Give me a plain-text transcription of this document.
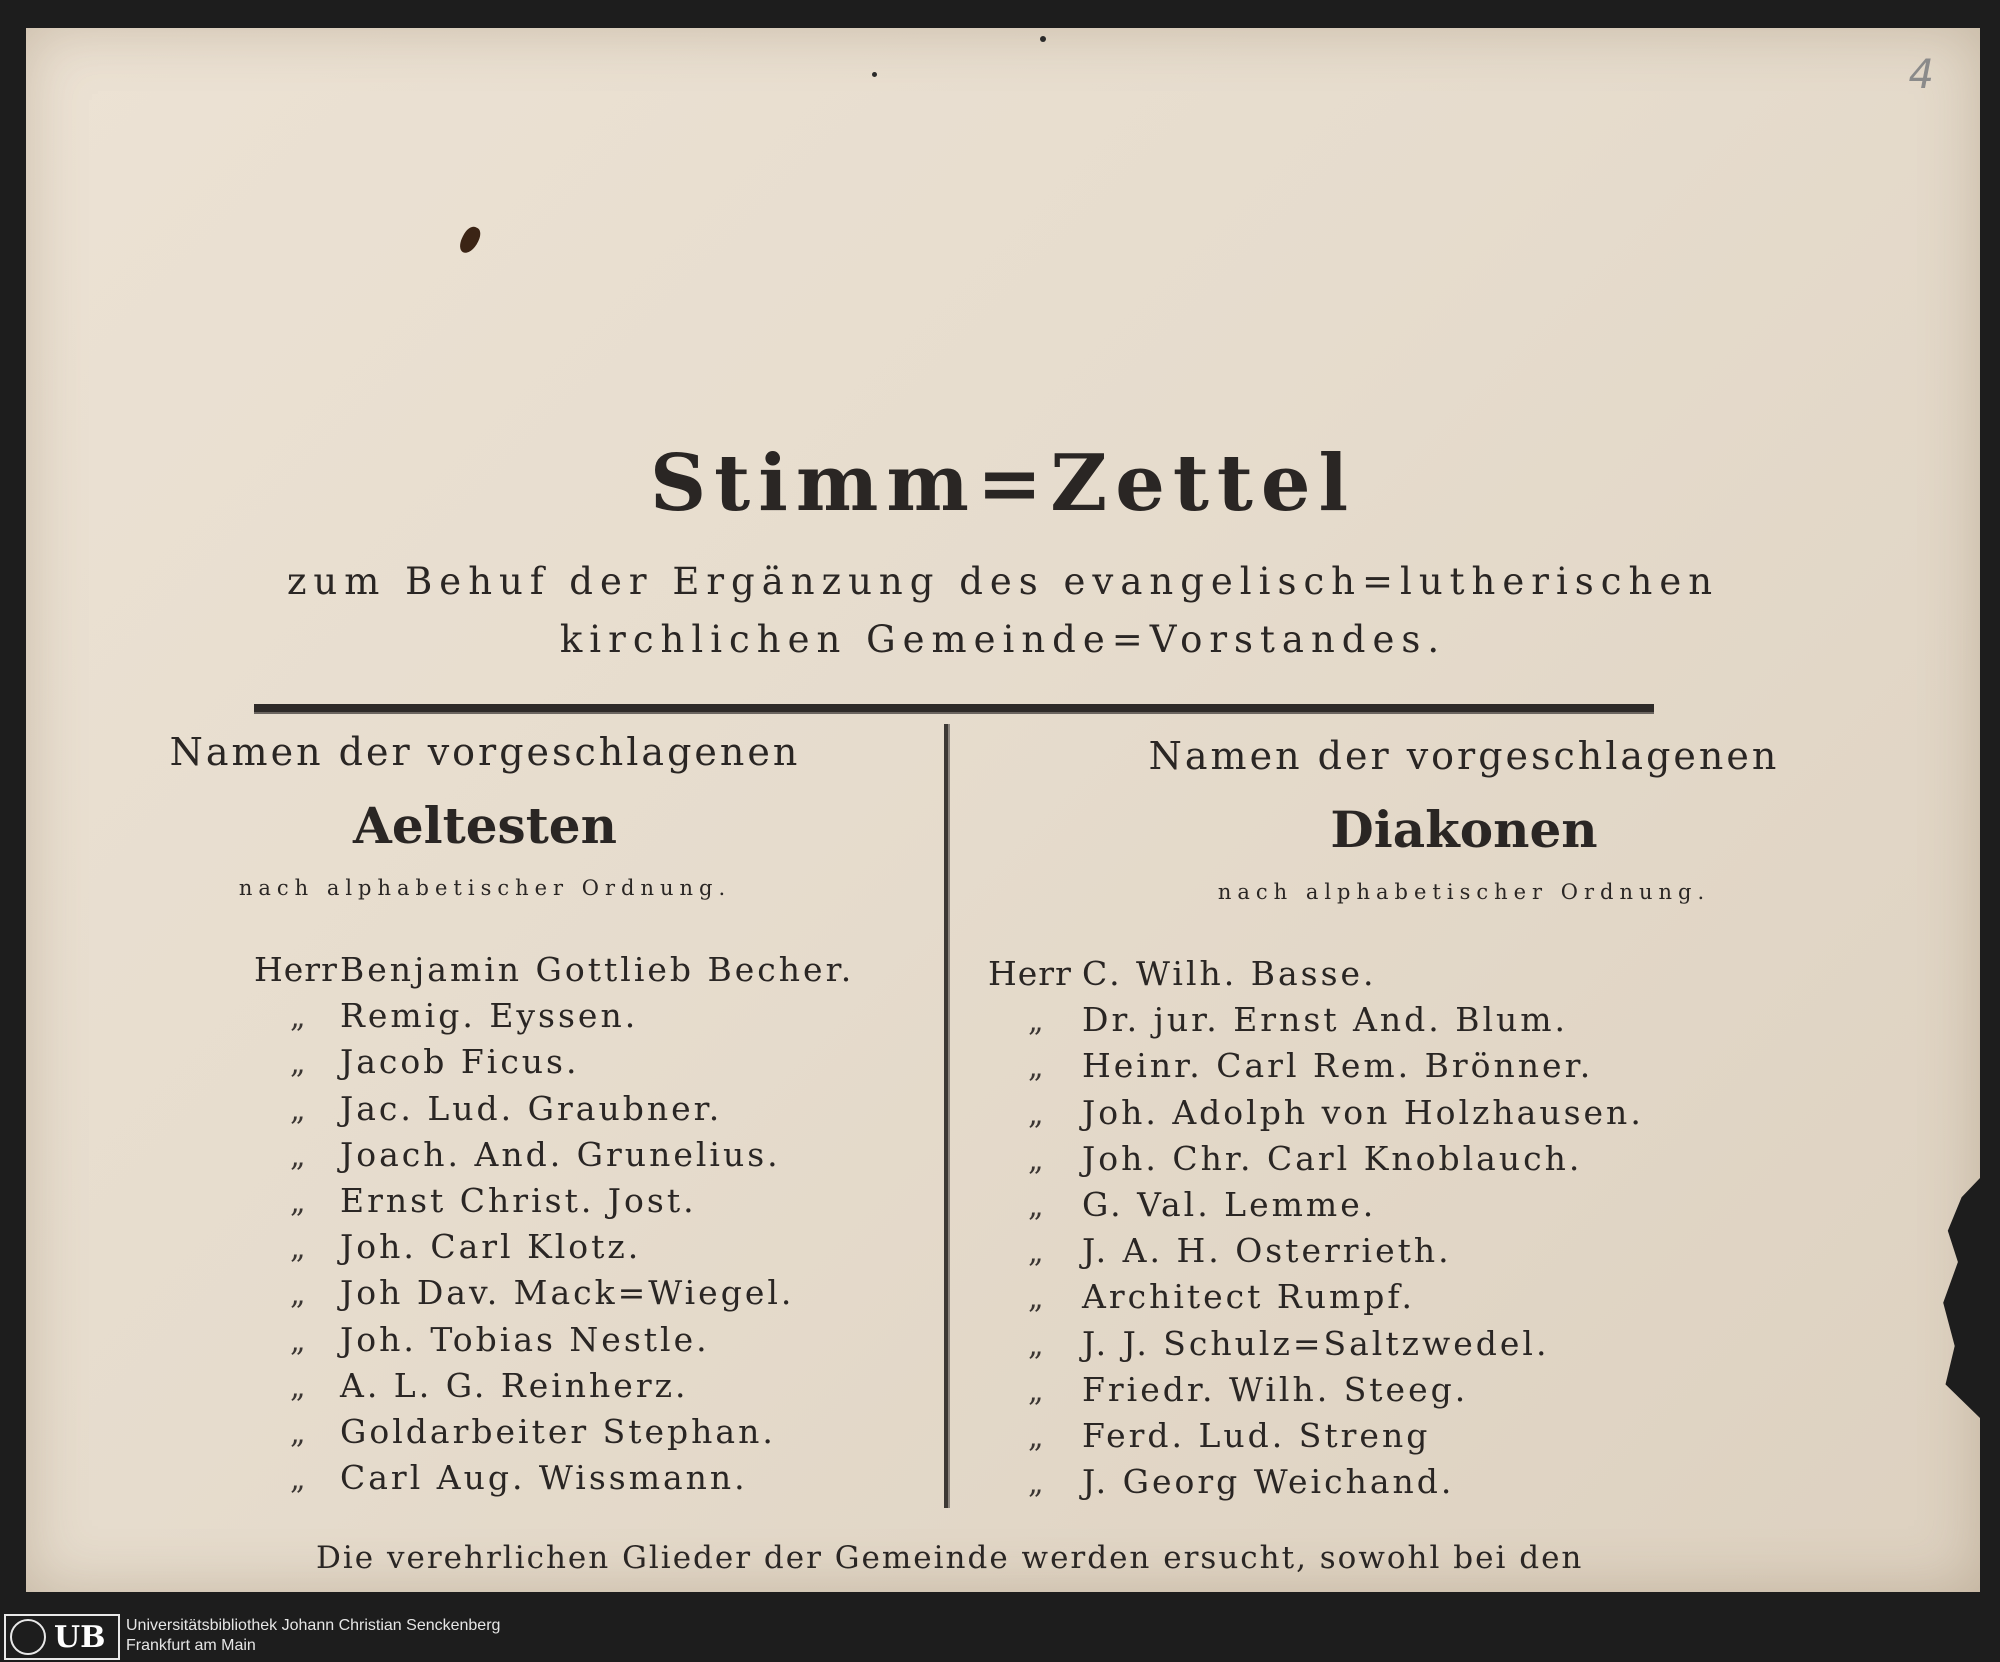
4
Stimm=Zettel
zum Behuf der Ergänzung des evangelisch=lutherischen
kirchlichen Gemeinde=Vorstandes.
Namen der vorgeschlagenen
Aeltesten
nach alphabetischer Ordnung.
Herr Benjamin Gottlieb Becher.
„ Remig. Eyssen.
„ Jacob Ficus.
„ Jac. Lud. Graubner.
„ Joach. And. Grunelius.
„ Ernst Christ. Jost.
„ Joh. Carl Klotz.
„ Joh Dav. Mack=Wiegel.
„ Joh. Tobias Nestle.
„ A. L. G. Reinherz.
„ Goldarbeiter Stephan.
„ Carl Aug. Wissmann.
Namen der vorgeschlagenen
Diakonen
nach alphabetischer Ordnung.
Herr C. Wilh. Basse.
„ Dr. jur. Ernst And. Blum.
„ Heinr. Carl Rem. Brönner.
„ Joh. Adolph von Holzhausen.
„ Joh. Chr. Carl Knoblauch.
„ G. Val. Lemme.
„ J. A. H. Osterrieth.
„ Architect Rumpf.
„ J. J. Schulz=Saltzwedel.
„ Friedr. Wilh. Steeg.
„ Ferd. Lud. Streng
„ J. Georg Weichand.
Die verehrlichen Glieder der Gemeinde werden ersucht, sowohl bei den
UB Universitätsbibliothek Johann Christian Senckenberg
Frankfurt am Main
